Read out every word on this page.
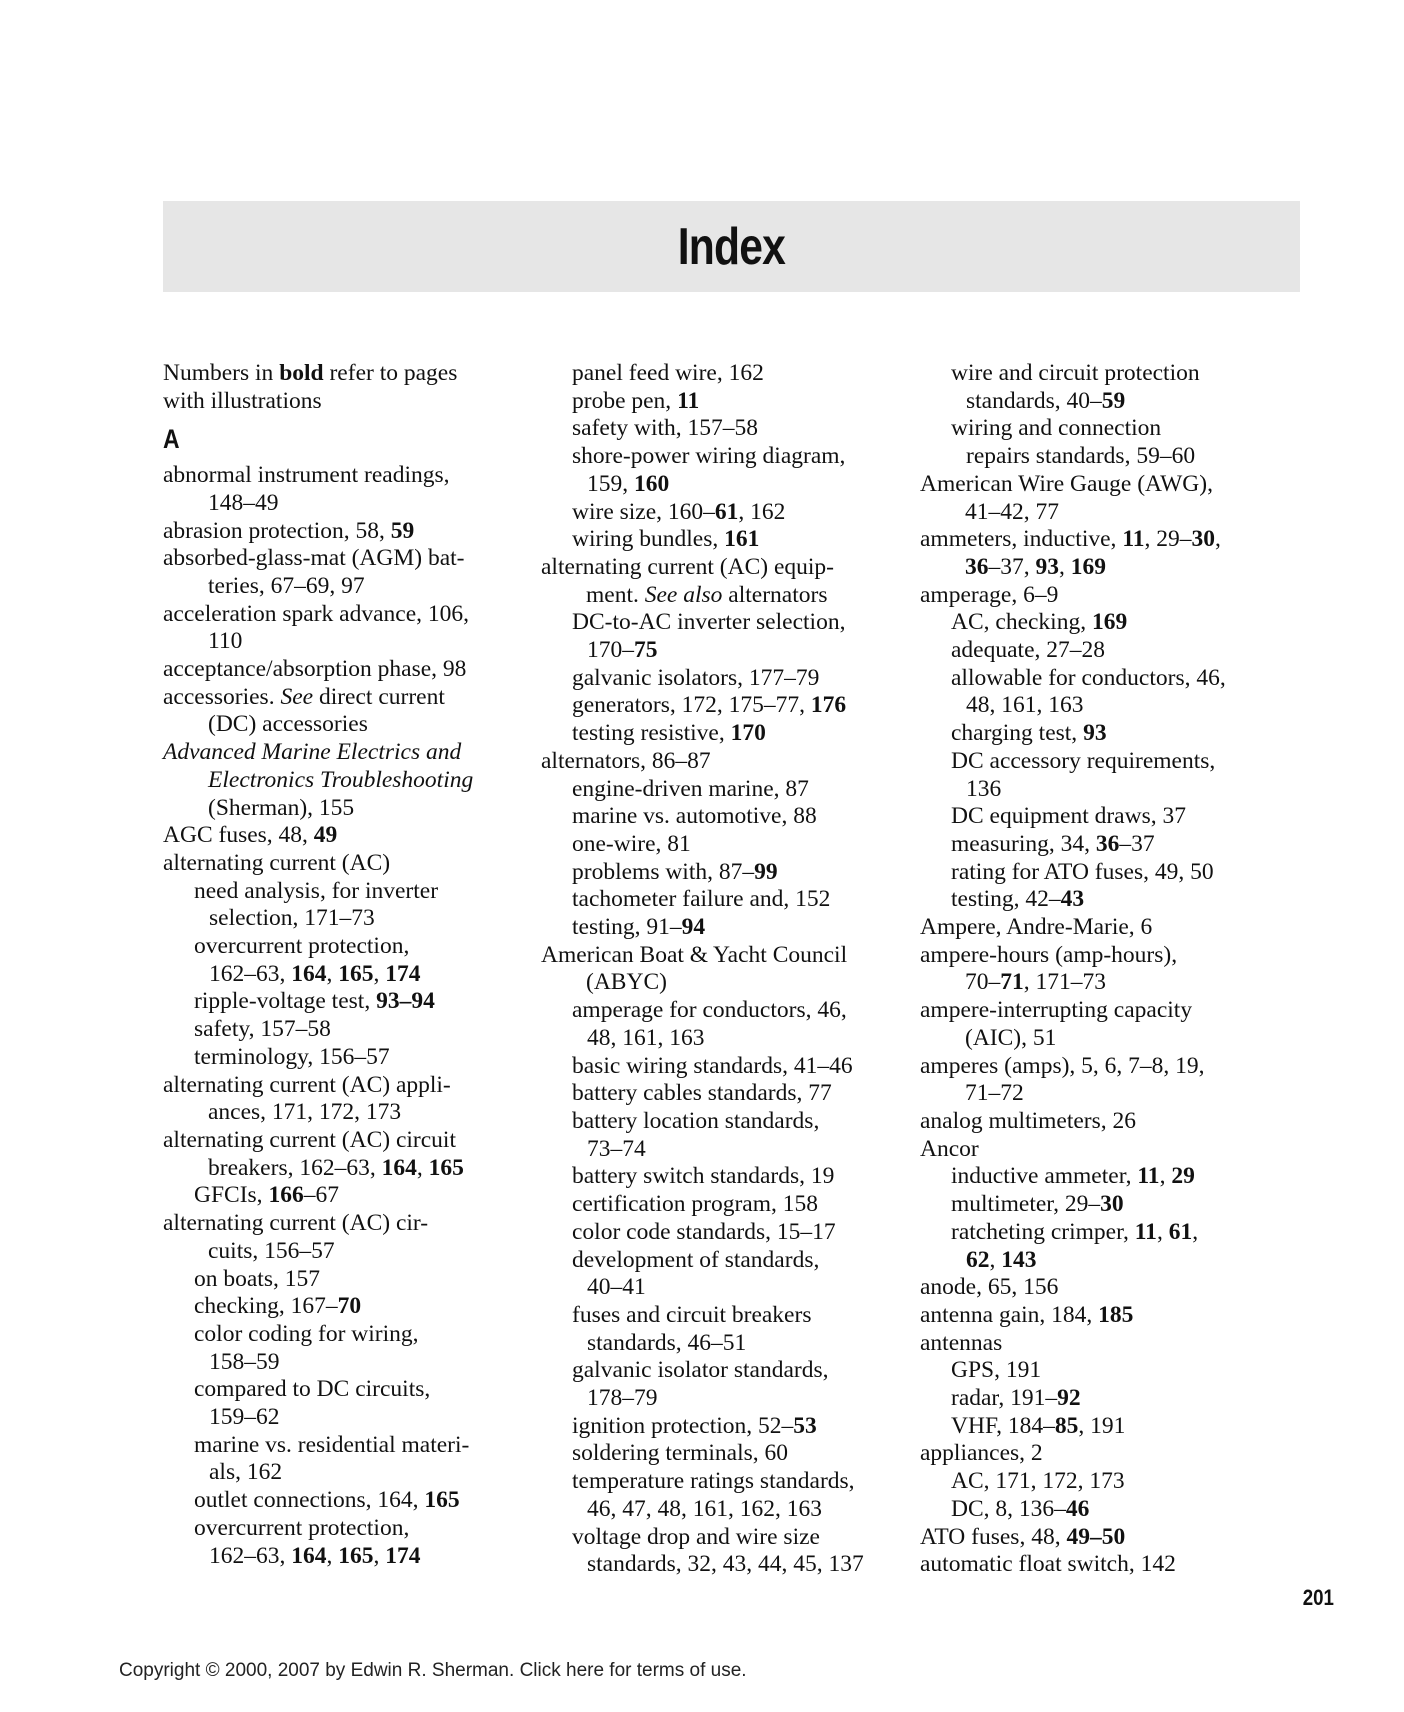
Index
Numbers in bold refer to pages
with illustrations
A
abnormal instrument readings,
148–49
abrasion protection, 58, 59
absorbed-glass-mat (AGM) bat-
teries, 67–69, 97
acceleration spark advance, 106,
110
acceptance/absorption phase, 98
accessories. See direct current
(DC) accessories
Advanced Marine Electrics and
Electronics Troubleshooting
(Sherman), 155
AGC fuses, 48, 49
alternating current (AC)
need analysis, for inverter
selection, 171–73
overcurrent protection,
162–63, 164, 165, 174
ripple-voltage test, 93–94
safety, 157–58
terminology, 156–57
alternating current (AC) appli-
ances, 171, 172, 173
alternating current (AC) circuit
breakers, 162–63, 164, 165
GFCIs, 166–67
alternating current (AC) cir-
cuits, 156–57
on boats, 157
checking, 167–70
color coding for wiring,
158–59
compared to DC circuits,
159–62
marine vs. residential materi-
als, 162
outlet connections, 164, 165
overcurrent protection,
162–63, 164, 165, 174
panel feed wire, 162
probe pen, 11
safety with, 157–58
shore-power wiring diagram,
159, 160
wire size, 160–61, 162
wiring bundles, 161
alternating current (AC) equip-
ment. See also alternators
DC-to-AC inverter selection,
170–75
galvanic isolators, 177–79
generators, 172, 175–77, 176
testing resistive, 170
alternators, 86–87
engine-driven marine, 87
marine vs. automotive, 88
one-wire, 81
problems with, 87–99
tachometer failure and, 152
testing, 91–94
American Boat & Yacht Council
(ABYC)
amperage for conductors, 46,
48, 161, 163
basic wiring standards, 41–46
battery cables standards, 77
battery location standards,
73–74
battery switch standards, 19
certification program, 158
color code standards, 15–17
development of standards,
40–41
fuses and circuit breakers
standards, 46–51
galvanic isolator standards,
178–79
ignition protection, 52–53
soldering terminals, 60
temperature ratings standards,
46, 47, 48, 161, 162, 163
voltage drop and wire size
standards, 32, 43, 44, 45, 137
wire and circuit protection
standards, 40–59
wiring and connection
repairs standards, 59–60
American Wire Gauge (AWG),
41–42, 77
ammeters, inductive, 11, 29–30,
36–37, 93, 169
amperage, 6–9
AC, checking, 169
adequate, 27–28
allowable for conductors, 46,
48, 161, 163
charging test, 93
DC accessory requirements,
136
DC equipment draws, 37
measuring, 34, 36–37
rating for ATO fuses, 49, 50
testing, 42–43
Ampere, Andre-Marie, 6
ampere-hours (amp-hours),
70–71, 171–73
ampere-interrupting capacity
(AIC), 51
amperes (amps), 5, 6, 7–8, 19,
71–72
analog multimeters, 26
Ancor
inductive ammeter, 11, 29
multimeter, 29–30
ratcheting crimper, 11, 61,
62, 143
anode, 65, 156
antenna gain, 184, 185
antennas
GPS, 191
radar, 191–92
VHF, 184–85, 191
appliances, 2
AC, 171, 172, 173
DC, 8, 136–46
ATO fuses, 48, 49–50
automatic float switch, 142
201
Copyright © 2000, 2007 by Edwin R. Sherman. Click here for terms of use.
